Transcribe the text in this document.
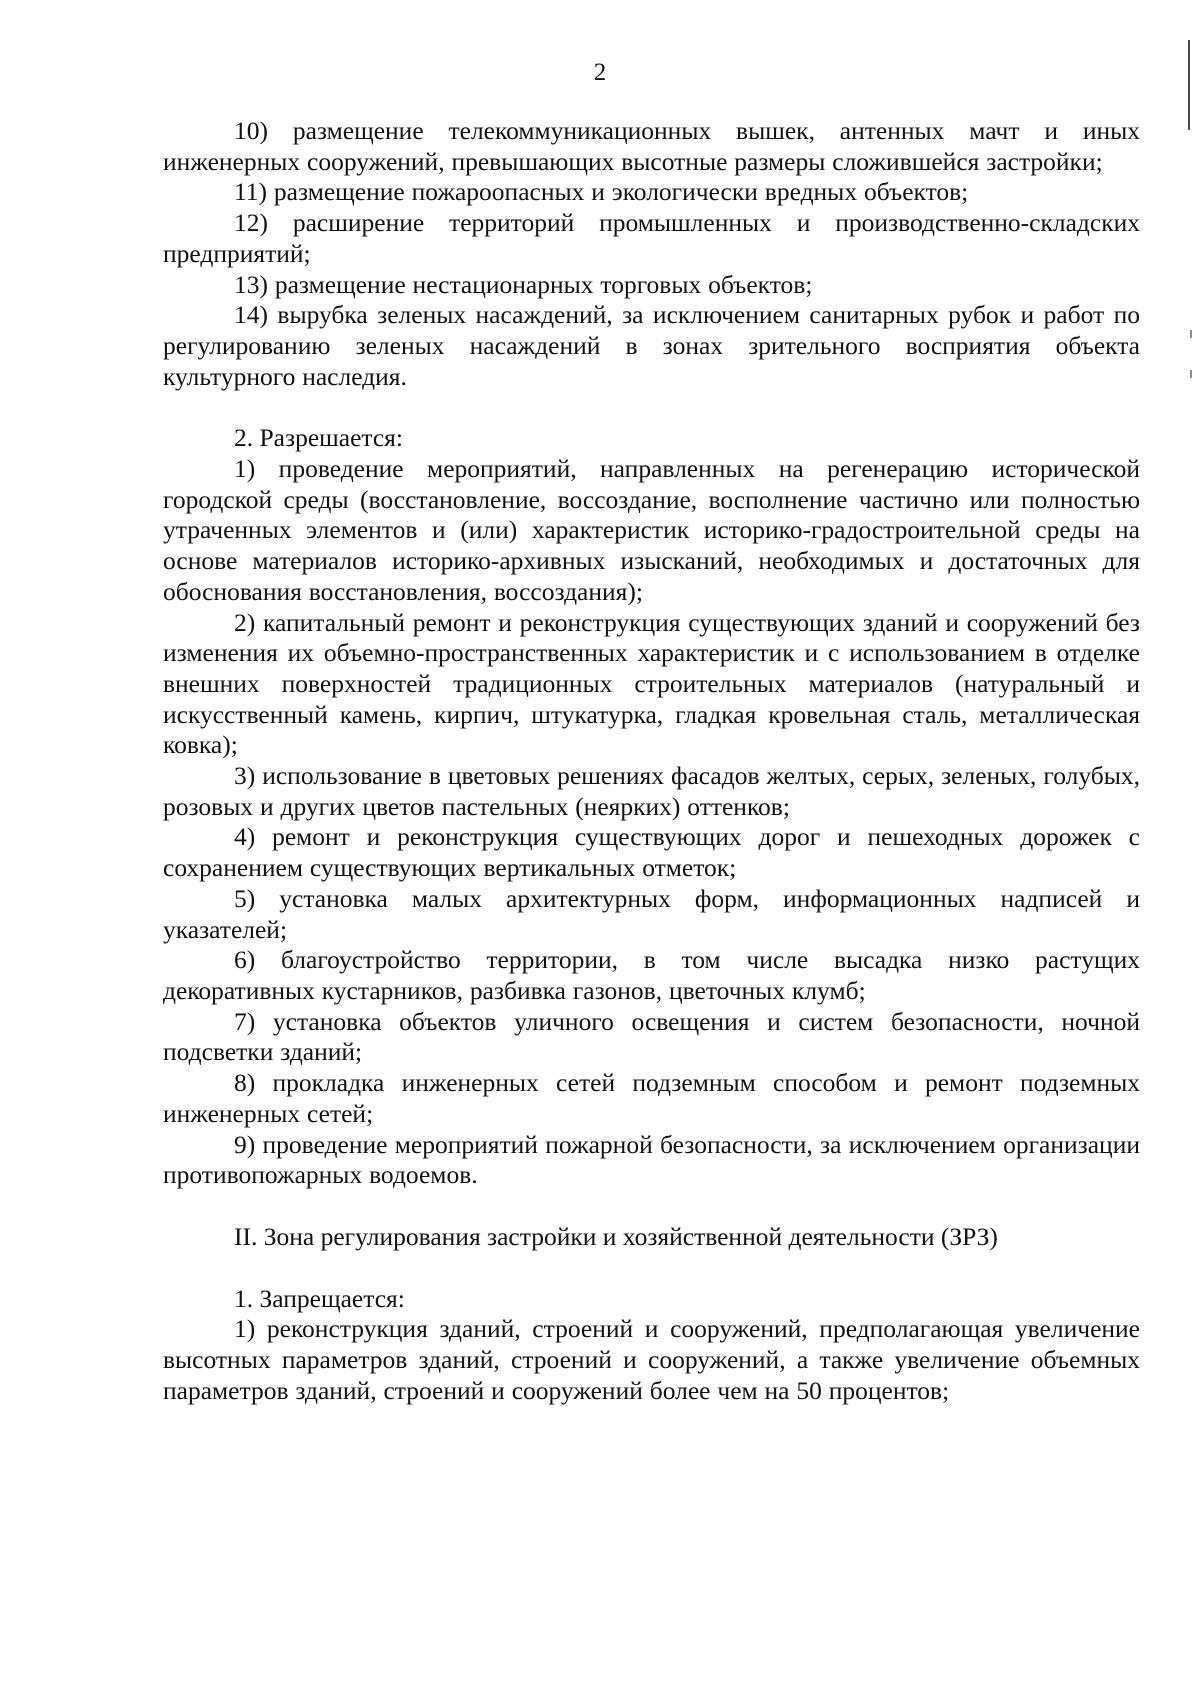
2

10) размещение телекоммуникационных вышек, антенных мачт и иных инженерных сооружений, превышающих высотные размеры сложившейся застройки;

11) размещение пожароопасных и экологически вредных объектов;

12) расширение территорий промышленных и производственно-складских предприятий;

13) размещение нестационарных торговых объектов;

14) вырубка зеленых насаждений, за исключением санитарных рубок и работ по регулированию зеленых насаждений в зонах зрительного восприятия объекта культурного наследия.

2. Разрешается:

1) проведение мероприятий, направленных на регенерацию исторической городской среды (восстановление, воссоздание, восполнение частично или полностью утраченных элементов и (или) характеристик историко-градостроительной среды на основе материалов историко-архивных изысканий, необходимых и достаточных для обоснования восстановления, воссоздания);

2) капитальный ремонт и реконструкция существующих зданий и сооружений без изменения их объемно-пространственных характеристик и с использованием в отделке внешних поверхностей традиционных строительных материалов (натуральный и искусственный камень, кирпич, штукатурка, гладкая кровельная сталь, металлическая ковка);

3) использование в цветовых решениях фасадов желтых, серых, зеленых, голубых, розовых и других цветов пастельных (неярких) оттенков;

4) ремонт и реконструкция существующих дорог и пешеходных дорожек с сохранением существующих вертикальных отметок;

5) установка малых архитектурных форм, информационных надписей и указателей;

6) благоустройство территории, в том числе высадка низко растущих декоративных кустарников, разбивка газонов, цветочных клумб;

7) установка объектов уличного освещения и систем безопасности, ночной подсветки зданий;

8) прокладка инженерных сетей подземным способом и ремонт подземных инженерных сетей;

9) проведение мероприятий пожарной безопасности, за исключением организации противопожарных водоемов.

II. Зона регулирования застройки и хозяйственной деятельности (ЗРЗ)

1. Запрещается:

1) реконструкция зданий, строений и сооружений, предполагающая увеличение высотных параметров зданий, строений и сооружений, а также увеличение объемных параметров зданий, строений и сооружений более чем на 50 процентов;
